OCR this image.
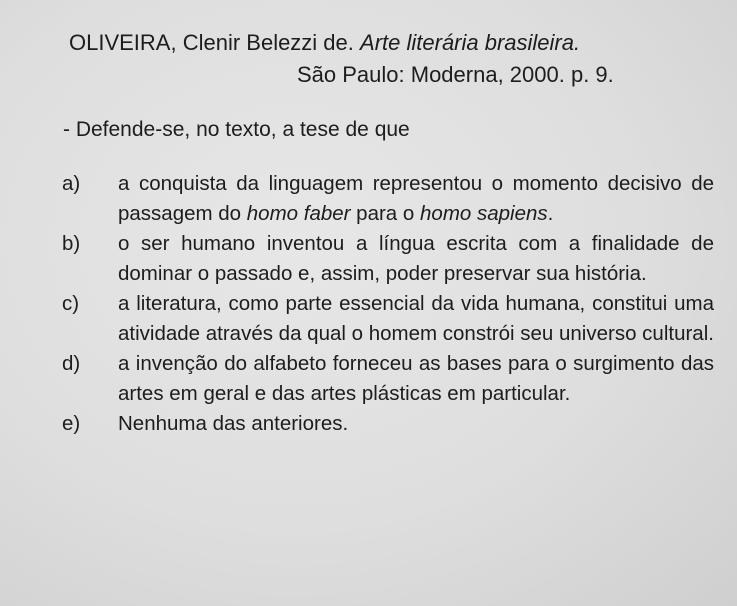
OLIVEIRA, Clenir Belezzi de. Arte literária brasileira.
São Paulo: Moderna, 2000. p. 9.
- Defende-se, no texto, a tese de que
a)	a conquista da linguagem representou o momento decisivo de passagem do homo faber para o homo sapiens.
b)	o ser humano inventou a língua escrita com a finalidade de dominar o passado e, assim, poder preservar sua história.
c)	a literatura, como parte essencial da vida humana, constitui uma atividade através da qual o homem constrói seu universo cultural.
d)	a invenção do alfabeto forneceu as bases para o surgimento das artes em geral e das artes plásticas em particular.
e)	Nenhuma das anteriores.
